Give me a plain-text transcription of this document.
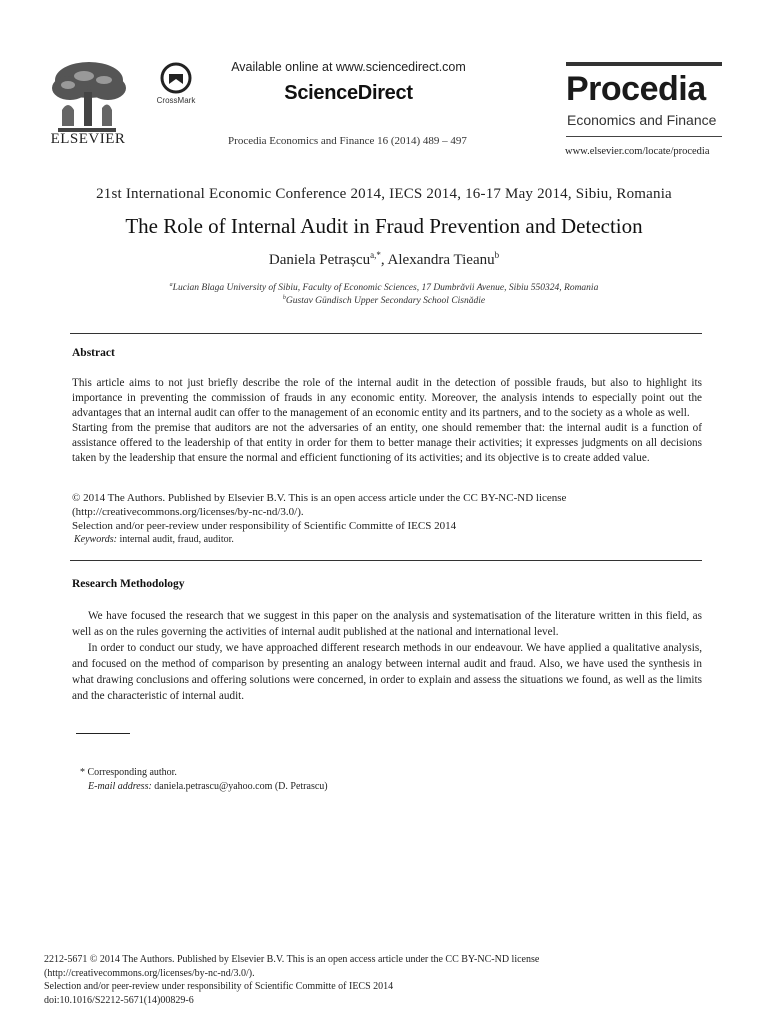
ELSEVIER
CrossMark
Available online at www.sciencedirect.com
ScienceDirect
Procedia Economics and Finance 16 (2014) 489 – 497
Procedia
Economics and Finance
www.elsevier.com/locate/procedia
21st International Economic Conference 2014, IECS 2014, 16-17 May 2014, Sibiu, Romania
The Role of Internal Audit in Fraud Prevention and Detection
Daniela Petrașcu$^{a,*}$, Alexandra Tieanu$^b$
$^a$Lucian Blaga University of Sibiu, Faculty of Economic Sciences, 17 Dumbrăvii Avenue, Sibiu 550324, Romania
$^b$Gustav Gündisch Upper Secondary School Cisnădie
Abstract

This article aims to not just briefly describe the role of the internal audit in the detection of possible frauds, but also to highlight its importance in preventing the commission of frauds in any economic entity. Moreover, the analysis intends to especially point out the advantages that an internal audit can offer to the management of an economic entity and its partners, and to the society as a whole as well.

Starting from the premise that auditors are not the adversaries of an entity, one should remember that: the internal audit is a function of assistance offered to the leadership of that entity in order for them to better manage their activities; it expresses judgments on all decisions taken by the leadership that ensure the normal and efficient functioning of its activities; and its objective is to create added value.

© 2014 The Authors. Published by Elsevier B.V. This is an open access article under the CC BY-NC-ND license
(http://creativecommons.org/licenses/by-nc-nd/3.0/).
Selection and/or peer-review under responsibility of Scientific Committe of IECS 2014
Keywords: internal audit, fraud, auditor.
Research Methodology

We have focused the research that we suggest in this paper on the analysis and systematisation of the literature written in this field, as well as on the rules governing the activities of internal audit published at the national and international level.

In order to conduct our study, we have approached different research methods in our endeavour. We have applied a qualitative analysis, and focused on the method of comparison by presenting an analogy between internal audit and fraud. Also, we have used the synthesis in what drawing conclusions and offering solutions were concerned, in order to explain and assess the situations we found, as well as the limits and the characteristic of internal audit.

* Corresponding author.
E-mail address: daniela.petrascu@yahoo.com (D. Petrascu)
2212-5671 © 2014 The Authors. Published by Elsevier B.V. This is an open access article under the CC BY-NC-ND license
(http://creativecommons.org/licenses/by-nc-nd/3.0/).
Selection and/or peer-review under responsibility of Scientific Committe of IECS 2014
doi:10.1016/S2212-5671(14)00829-6
